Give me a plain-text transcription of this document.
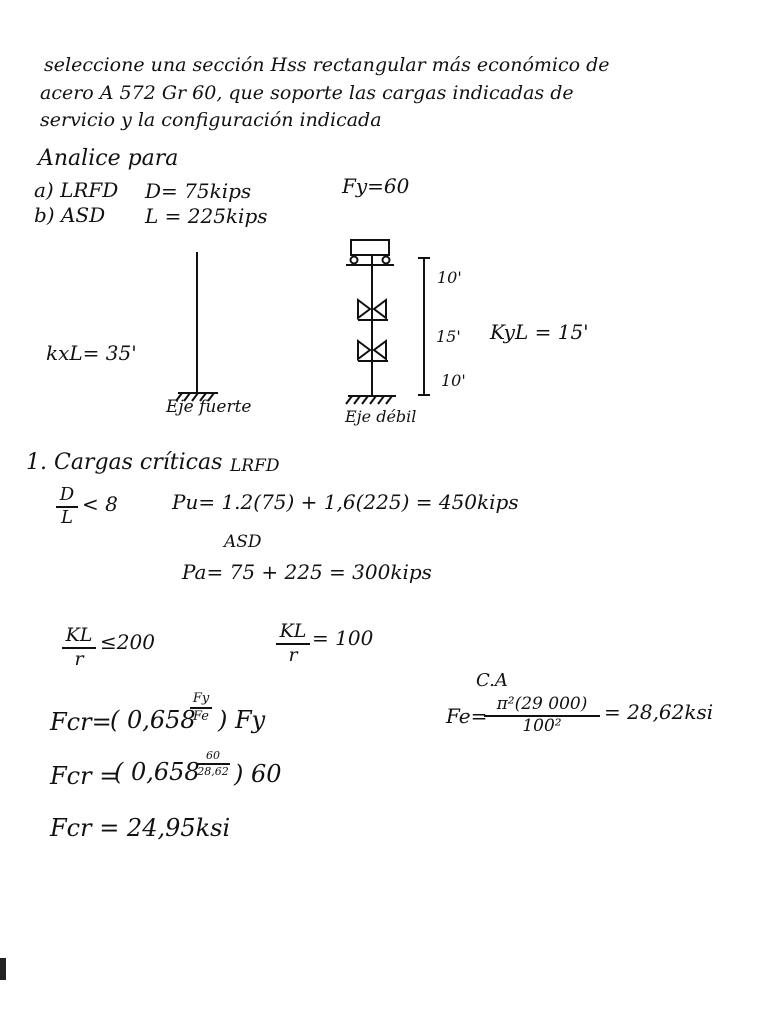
seleccione una sección Hss rectangular más económico de
acero A 572 Gr 60, que soporte las cargas indicadas de
servicio y la configuración indicada
Analice para
a) LRFD
b) ASD
D= 75kips
L = 225kips
Fy=60
kxL= 35'
Eje fuerte	Eje débil
10'
15'
10'
KyL = 15'
1. Cargas críticas LRFD
D
L
< 8	Pu= 1.2(75) + 1,6(225) = 450kips
ASD
Pa= 75 + 225 = 300kips
KL
r
≤200	KL
r
= 100
C.A
Fe= π²(29 000)
100²
= 28,62ksi
Fcr=
( 0,658
Fy
Fe ) Fy
Fcr =
( 0,658
60
28,62 ) 60
Fcr = 24,95ksi
